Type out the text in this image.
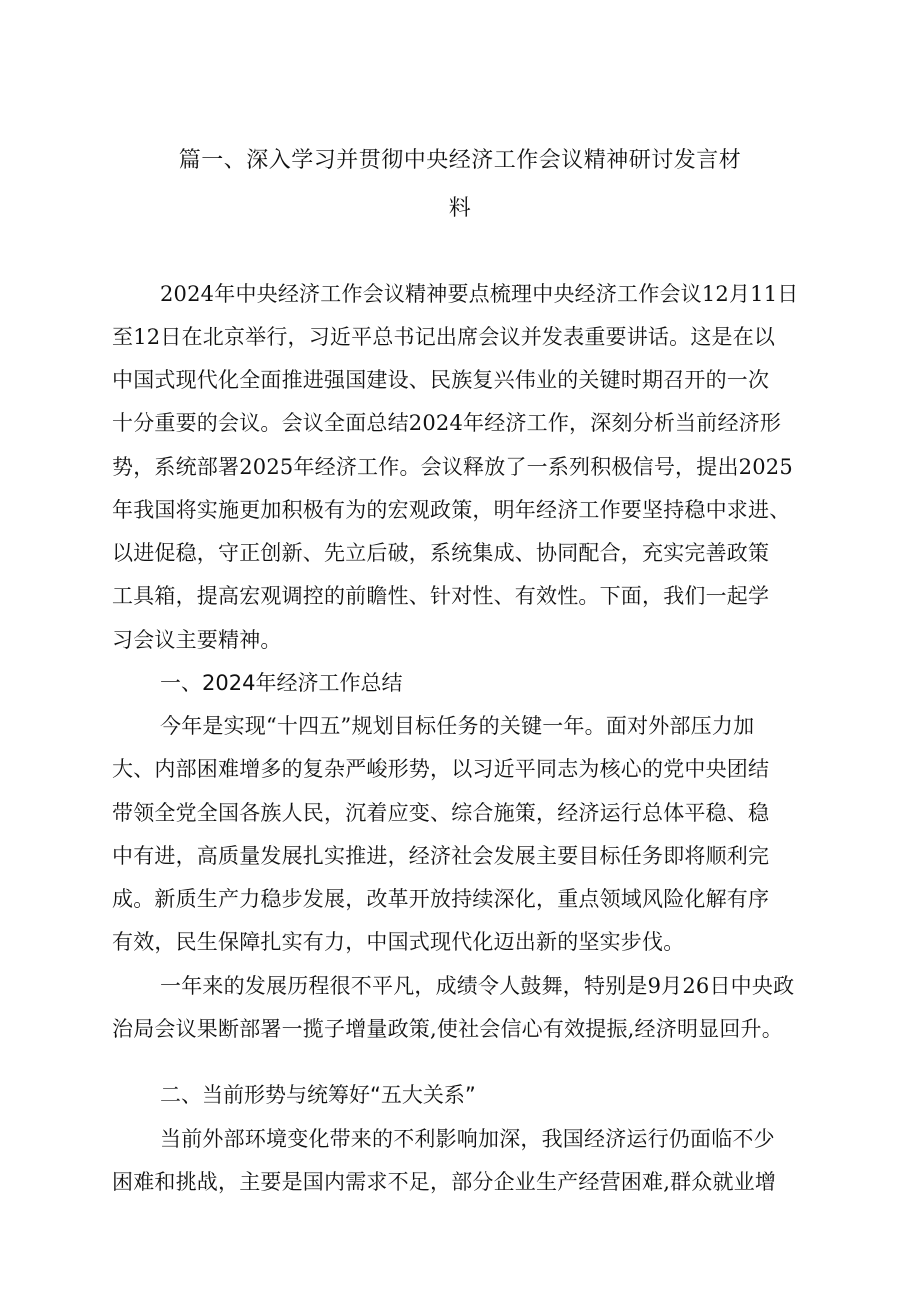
篇一、深入学习并贯彻中央经济工作会议精神研讨发言材
料

2024年中央经济工作会议精神要点梳理中央经济工作会议12月11日

至12日在北京举行，习近平总书记出席会议并发表重要讲话。这是在以

中国式现代化全面推进强国建设、民族复兴伟业的关键时期召开的一次

十分重要的会议。会议全面总结2024年经济工作，深刻分析当前经济形

势，系统部署2025年经济工作。会议释放了一系列积极信号，提出2025

年我国将实施更加积极有为的宏观政策，明年经济工作要坚持稳中求进、

以进促稳，守正创新、先立后破，系统集成、协同配合，充实完善政策

工具箱，提高宏观调控的前瞻性、针对性、有效性。下面，我们一起学

习会议主要精神。

一、2024年经济工作总结

今年是实现“十四五”规划目标任务的关键一年。面对外部压力加

大、内部困难增多的复杂严峻形势，以习近平同志为核心的党中央团结

带领全党全国各族人民，沉着应变、综合施策，经济运行总体平稳、稳

中有进，高质量发展扎实推进，经济社会发展主要目标任务即将顺利完

成。新质生产力稳步发展，改革开放持续深化，重点领域风险化解有序

有效，民生保障扎实有力，中国式现代化迈出新的坚实步伐。

一年来的发展历程很不平凡，成绩令人鼓舞，特别是9月26日中央政

治局会议果断部署一揽子增量政策,使社会信心有效提振,经济明显回升。

二、当前形势与统筹好“五大关系”

当前外部环境变化带来的不利影响加深，我国经济运行仍面临不少

困难和挑战，主要是国内需求不足，部分企业生产经营困难,群众就业增
